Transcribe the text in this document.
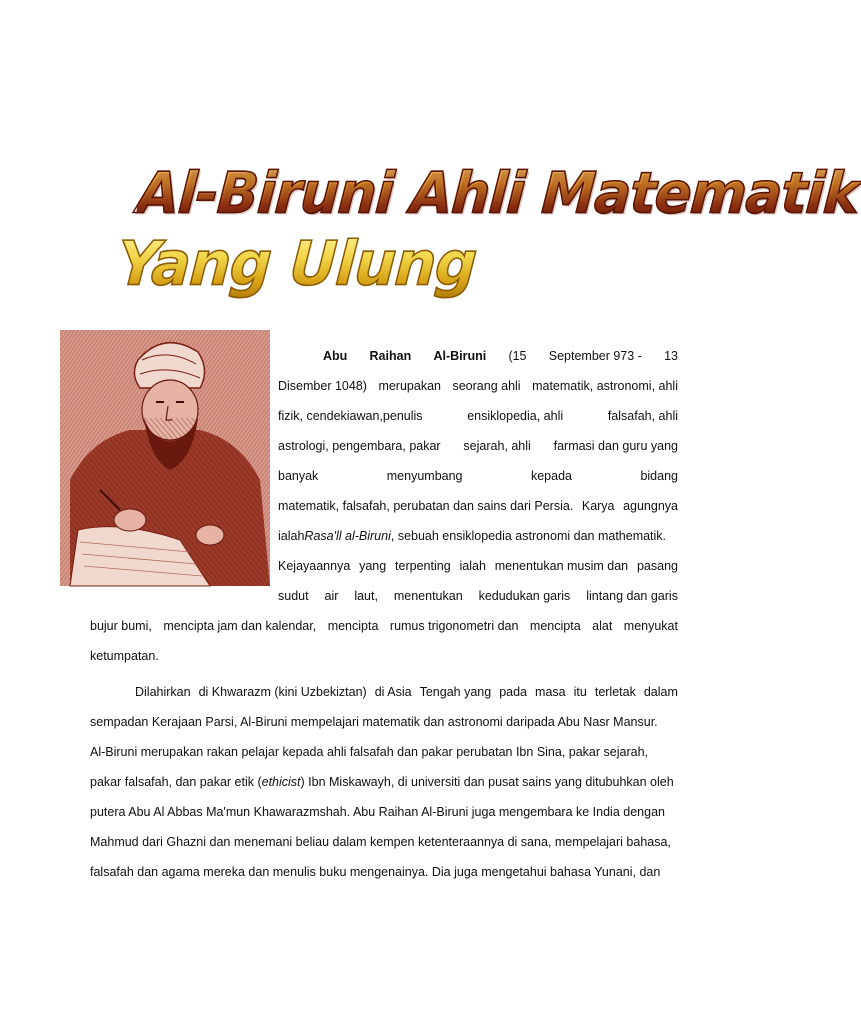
Al-Biruni Ahli Matematik
Yang Ulung
Abu Raihan Al-Biruni (15 September 973 - 13
Disember 1048) merupakan seorang ahli matematik, astronomi, ahli
fizik, cendekiawan,penulis	ensiklopedia, ahli	falsafah, ahli
astrologi, pengembara, pakar sejarah, ahli farmasi dan guru yang
banyak	menyumbang	kepada	bidang
matematik, falsafah, perubatan dan sains dari Persia. Karya agungnya
ialah Rasa'll al-Biruni , sebuah ensiklopedia astronomi dan mathematik.
Kejayaannya yang terpenting ialah menentukan musim dan pasang
sudut air laut, menentukan kedudukan garis lintang dan garis
bujur bumi, mencipta jam dan kalendar, mencipta rumus trigonometri dan mencipta alat menyukat
ketumpatan.
Dilahirkan di Khwarazm (kini Uzbekiztan) di Asia Tengah yang pada masa itu terletak dalam
sempadan Kerajaan Parsi, Al-Biruni mempelajari matematik dan astronomi daripada Abu Nasr Mansur.
Al-Biruni merupakan rakan pelajar kepada ahli falsafah dan pakar perubatan Ibn Sina, pakar sejarah,
pakar falsafah, dan pakar etik ( ethicist ) Ibn Miskawayh, di universiti dan pusat sains yang ditubuhkan oleh
putera Abu Al Abbas Ma'mun Khawarazmshah. Abu Raihan Al-Biruni juga mengembara ke India dengan
Mahmud dari Ghazni dan menemani beliau dalam kempen ketenteraannya di sana, mempelajari bahasa,
falsafah dan agama mereka dan menulis buku mengenainya. Dia juga mengetahui bahasa Yunani, dan
